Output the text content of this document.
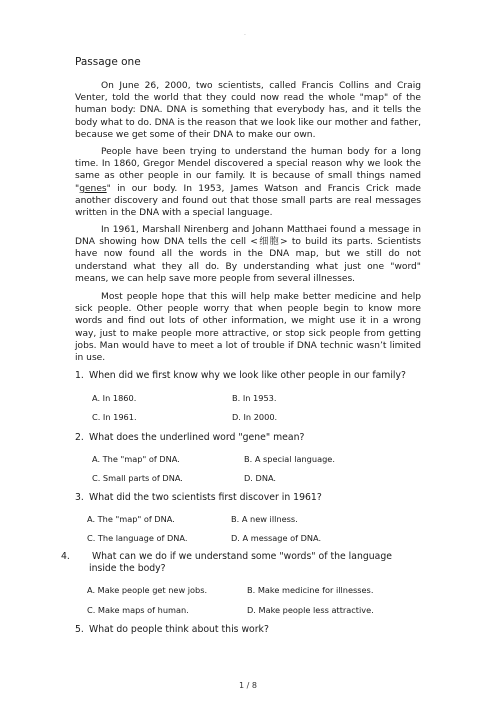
.
Passage one

On June 26, 2000, two scientists, called Francis Collins and Craig Venter, told the world that they could now read the whole "map" of the human body: DNA. DNA is something that everybody has, and it tells the body what to do. DNA is the reason that we look like our mother and father, because we get some of their DNA to make our own.

People have been trying to understand the human body for a long time. In 1860, Gregor Mendel discovered a special reason why we look the same as other people in our family. It is because of small things named "genes" in our body. In 1953, James Watson and Francis Crick made another discovery and found out that those small parts are real messages written in the DNA with a special language.

In 1961, Marshall Nirenberg and Johann Matthaei found a message in DNA showing how DNA tells the cell <细胞> to build its parts. Scientists have now found all the words in the DNA map, but we still do not understand what they all do. By understanding what just one "word" means, we can help save more people from several illnesses.

Most people hope that this will help make better medicine and help sick people. Other people worry that when people begin to know more words and find out lots of other information, we might use it in a wrong way, just to make people more attractive, or stop sick people from getting jobs. Man would have to meet a lot of trouble if DNA technic wasn’t limited in use.

1. When did we first know why we look like other people in our family?
A. In 1860.	B. In 1953.
C. In 1961.	D. In 2000.
2. What does the underlined word "gene" mean?
A. The "map" of DNA.	B. A special language.
C. Small parts of DNA.	D. DNA.
3. What did the two scientists first discover in 1961?
A. The "map" of DNA.	B. A new illness.
C. The language of DNA.	D. A message of DNA.
4. What can we do if we understand some "words" of the language inside the body?
A. Make people get new jobs.	B. Make medicine for illnesses.
C. Make maps of human.	D. Make people less attractive.
5. What do people think about this work?
1 / 8
